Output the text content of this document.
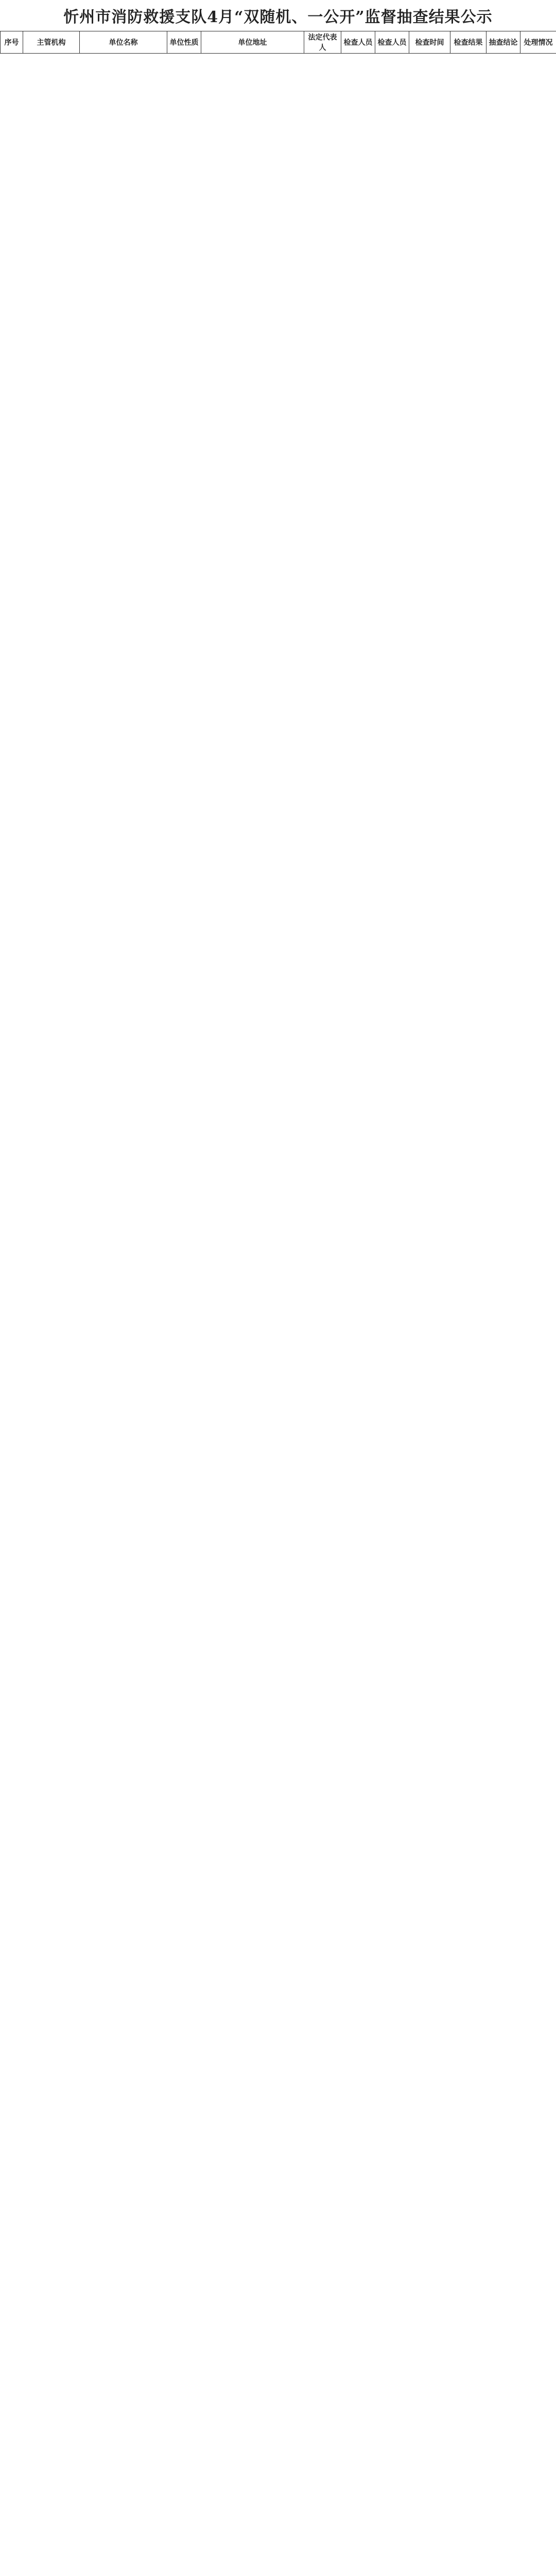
忻州市消防救援支队4月“双随机、一公开”监督抽查结果公示
序号	主管机构	单位名称	单位性质	单位地址	法定代表人	检查人员	检查人员	检查时间	检查结果	抽查结论	处理情况
